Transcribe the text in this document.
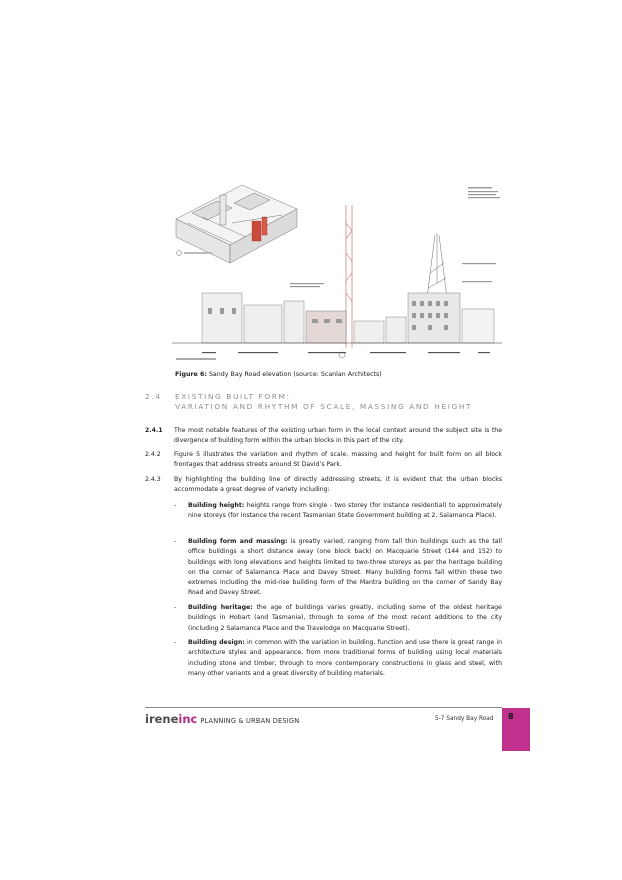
Figure 6: Sandy Bay Road elevation (source: Scanlan Architects)
2.4 EXISTING BUILT FORM:
VARIATION AND RHYTHM OF SCALE, MASSING AND HEIGHT
2.4.1 The most notable features of the existing urban form in the local context around the subject site is the divergence of building form within the urban blocks in this part of the city.
2.4.2 Figure 5 illustrates the variation and rhythm of scale, massing and height for built form on all block frontages that address streets around St David’s Park.
2.4.3 By highlighting the building line of directly addressing streets, it is evident that the urban blocks accommodate a great degree of variety including:
- Building height: heights range from single - two storey (for instance residential) to approximately nine storeys (for instance the recent Tasmanian State Government building at 2, Salamanca Place).
- Building form and massing: is greatly varied, ranging from tall thin buildings such as the tall office buildings a short distance away (one block back) on Macquarie Street (144 and 152) to buildings with long elevations and heights limited to two-three storeys as per the heritage building on the corner of Salamanca Place and Davey Street. Many building forms fall within these two extremes including the mid-rise building form of the Mantra building on the corner of Sandy Bay Road and Davey Street.
- Building heritage: the age of buildings varies greatly, including some of the oldest heritage buildings in Hobart (and Tasmania), through to some of the most recent additions to the city (including 2 Salamanca Place and the Travelodge on Macquarie Street).
- Building design: in common with the variation in building, function and use there is great range in architecture styles and appearance, from more traditional forms of building using local materials including stone and timber, through to more contemporary constructions in glass and steel, with many other variants and a great diversity of building materials.
ireneinc PLANNING & URBAN DESIGN	5-7 Sandy Bay Road 8
